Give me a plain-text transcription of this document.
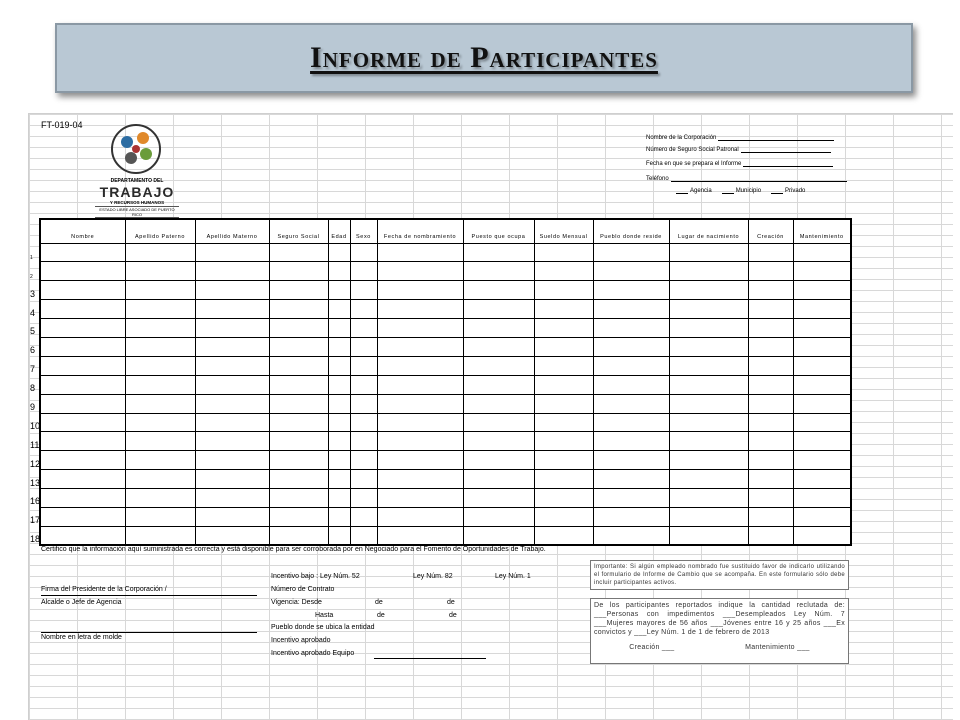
Informe de Participantes
FT-019-04
DEPARTAMENTO DEL
TRABAJO
Y RECURSOS HUMANOS
ESTADO LIBRE ASOCIADO DE PUERTO RICO
Nombre de la Corporación
Número de Seguro Social Patronal
Fecha en que se prepara el Informe
Teléfono
Agencia	Municipio	Privado
Nombre	Apellido Paterno	Apellido Materno	Seguro Social	Edad	Sexo	Fecha de nombramiento	Puesto que ocupa	Sueldo Mensual	Pueblo donde reside	Lugar de nacimiento	Creación	Mantenimiento

1
2
3
4
5
6
7
8
9
10
11
12
13
16
17
18
Certifico que la información aquí suministrada es correcta y está disponible para ser corroborada por en Negociado para el Fomento de Oportunidades de Trabajo.
Firma del Presidente de la Corporación /
Alcalde o Jefe de Agencia
Nombre en letra de molde
Incentivo bajo : Ley Núm. 52	Ley Núm. 82	Ley Núm. 1
Número de Contrato
Vigencia: Desde	de	de
Hasta	de	de
Pueblo donde se ubica la entidad
Incentivo aprobado
Incentivo aprobado Equipo
Importante: Si algún empleado nombrado fue sustituido favor de indicarlo utilizando el formulario de Informe de Cambio que se acompaña. En este formulario sólo debe incluir participantes activos.
De los participantes reportados indique la cantidad reclutada de: ___Personas con impedimentos ___Desempleados Ley Núm. 7 ___Mujeres mayores de 56 años ___Jóvenes entre 16 y 25 años ___Ex convictos y ___Ley Núm. 1 de 1 de febrero de 2013
Creación ___	Mantenimiento ___
